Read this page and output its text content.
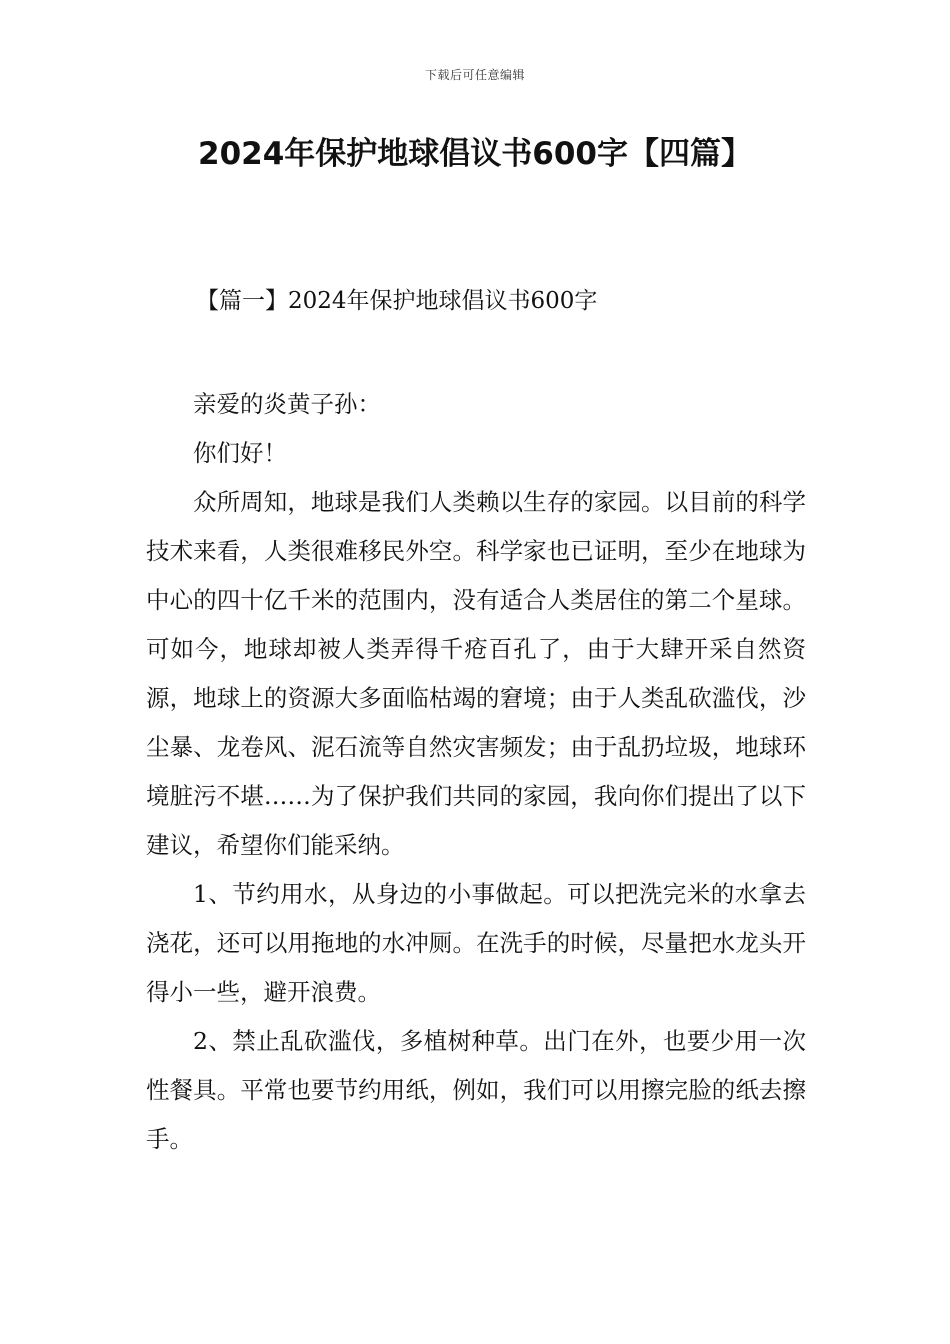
下载后可任意编辑
2024年保护地球倡议书600字【四篇】
【篇一】2024年保护地球倡议书600字

亲爱的炎黄子孙：

你们好！

众所周知，地球是我们人类赖以生存的家园。以目前的科学技术来看，人类很难移民外空。科学家也已证明，至少在地球为中心的四十亿千米的范围内，没有适合人类居住的第二个星球。可如今，地球却被人类弄得千疮百孔了，由于大肆开采自然资源，地球上的资源大多面临枯竭的窘境；由于人类乱砍滥伐，沙尘暴、龙卷风、泥石流等自然灾害频发；由于乱扔垃圾，地球环境脏污不堪……为了保护我们共同的家园，我向你们提出了以下建议，希望你们能采纳。

1、节约用水，从身边的小事做起。可以把洗完米的水拿去浇花，还可以用拖地的水冲厕。在洗手的时候，尽量把水龙头开得小一些，避开浪费。

2、禁止乱砍滥伐，多植树种草。出门在外，也要少用一次性餐具。平常也要节约用纸，例如，我们可以用擦完脸的纸去擦手。
